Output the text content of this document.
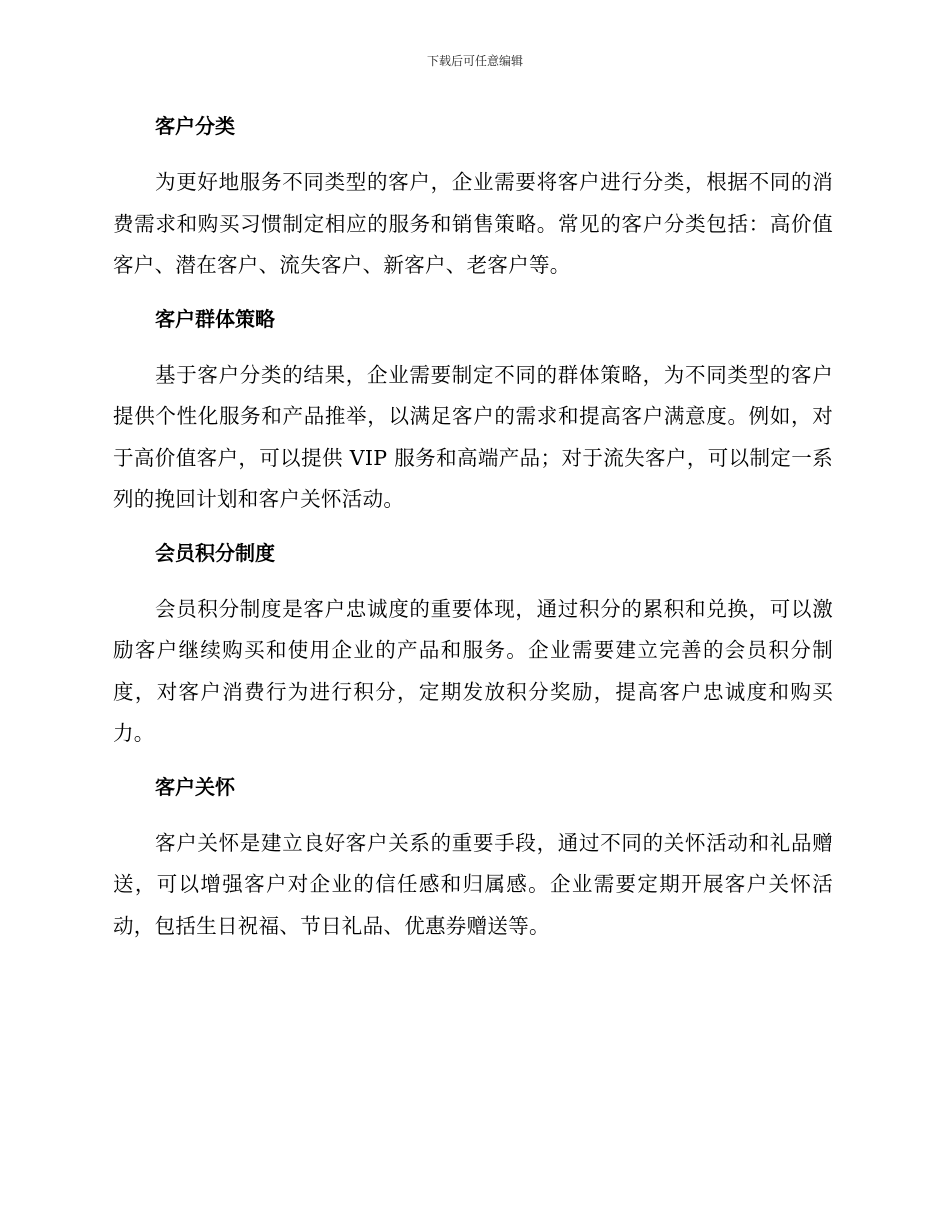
下载后可任意编辑
客户分类

为更好地服务不同类型的客户，企业需要将客户进行分类，根据不同的消费需求和购买习惯制定相应的服务和销售策略。常见的客户分类包括：高价值客户、潜在客户、流失客户、新客户、老客户等。

客户群体策略

基于客户分类的结果，企业需要制定不同的群体策略，为不同类型的客户提供个性化服务和产品推举，以满足客户的需求和提高客户满意度。例如，对于高价值客户，可以提供 VIP 服务和高端产品；对于流失客户，可以制定一系列的挽回计划和客户关怀活动。

会员积分制度

会员积分制度是客户忠诚度的重要体现，通过积分的累积和兑换，可以激励客户继续购买和使用企业的产品和服务。企业需要建立完善的会员积分制度，对客户消费行为进行积分，定期发放积分奖励，提高客户忠诚度和购买力。

客户关怀

客户关怀是建立良好客户关系的重要手段，通过不同的关怀活动和礼品赠送，可以增强客户对企业的信任感和归属感。企业需要定期开展客户关怀活动，包括生日祝福、节日礼品、优惠券赠送等。
